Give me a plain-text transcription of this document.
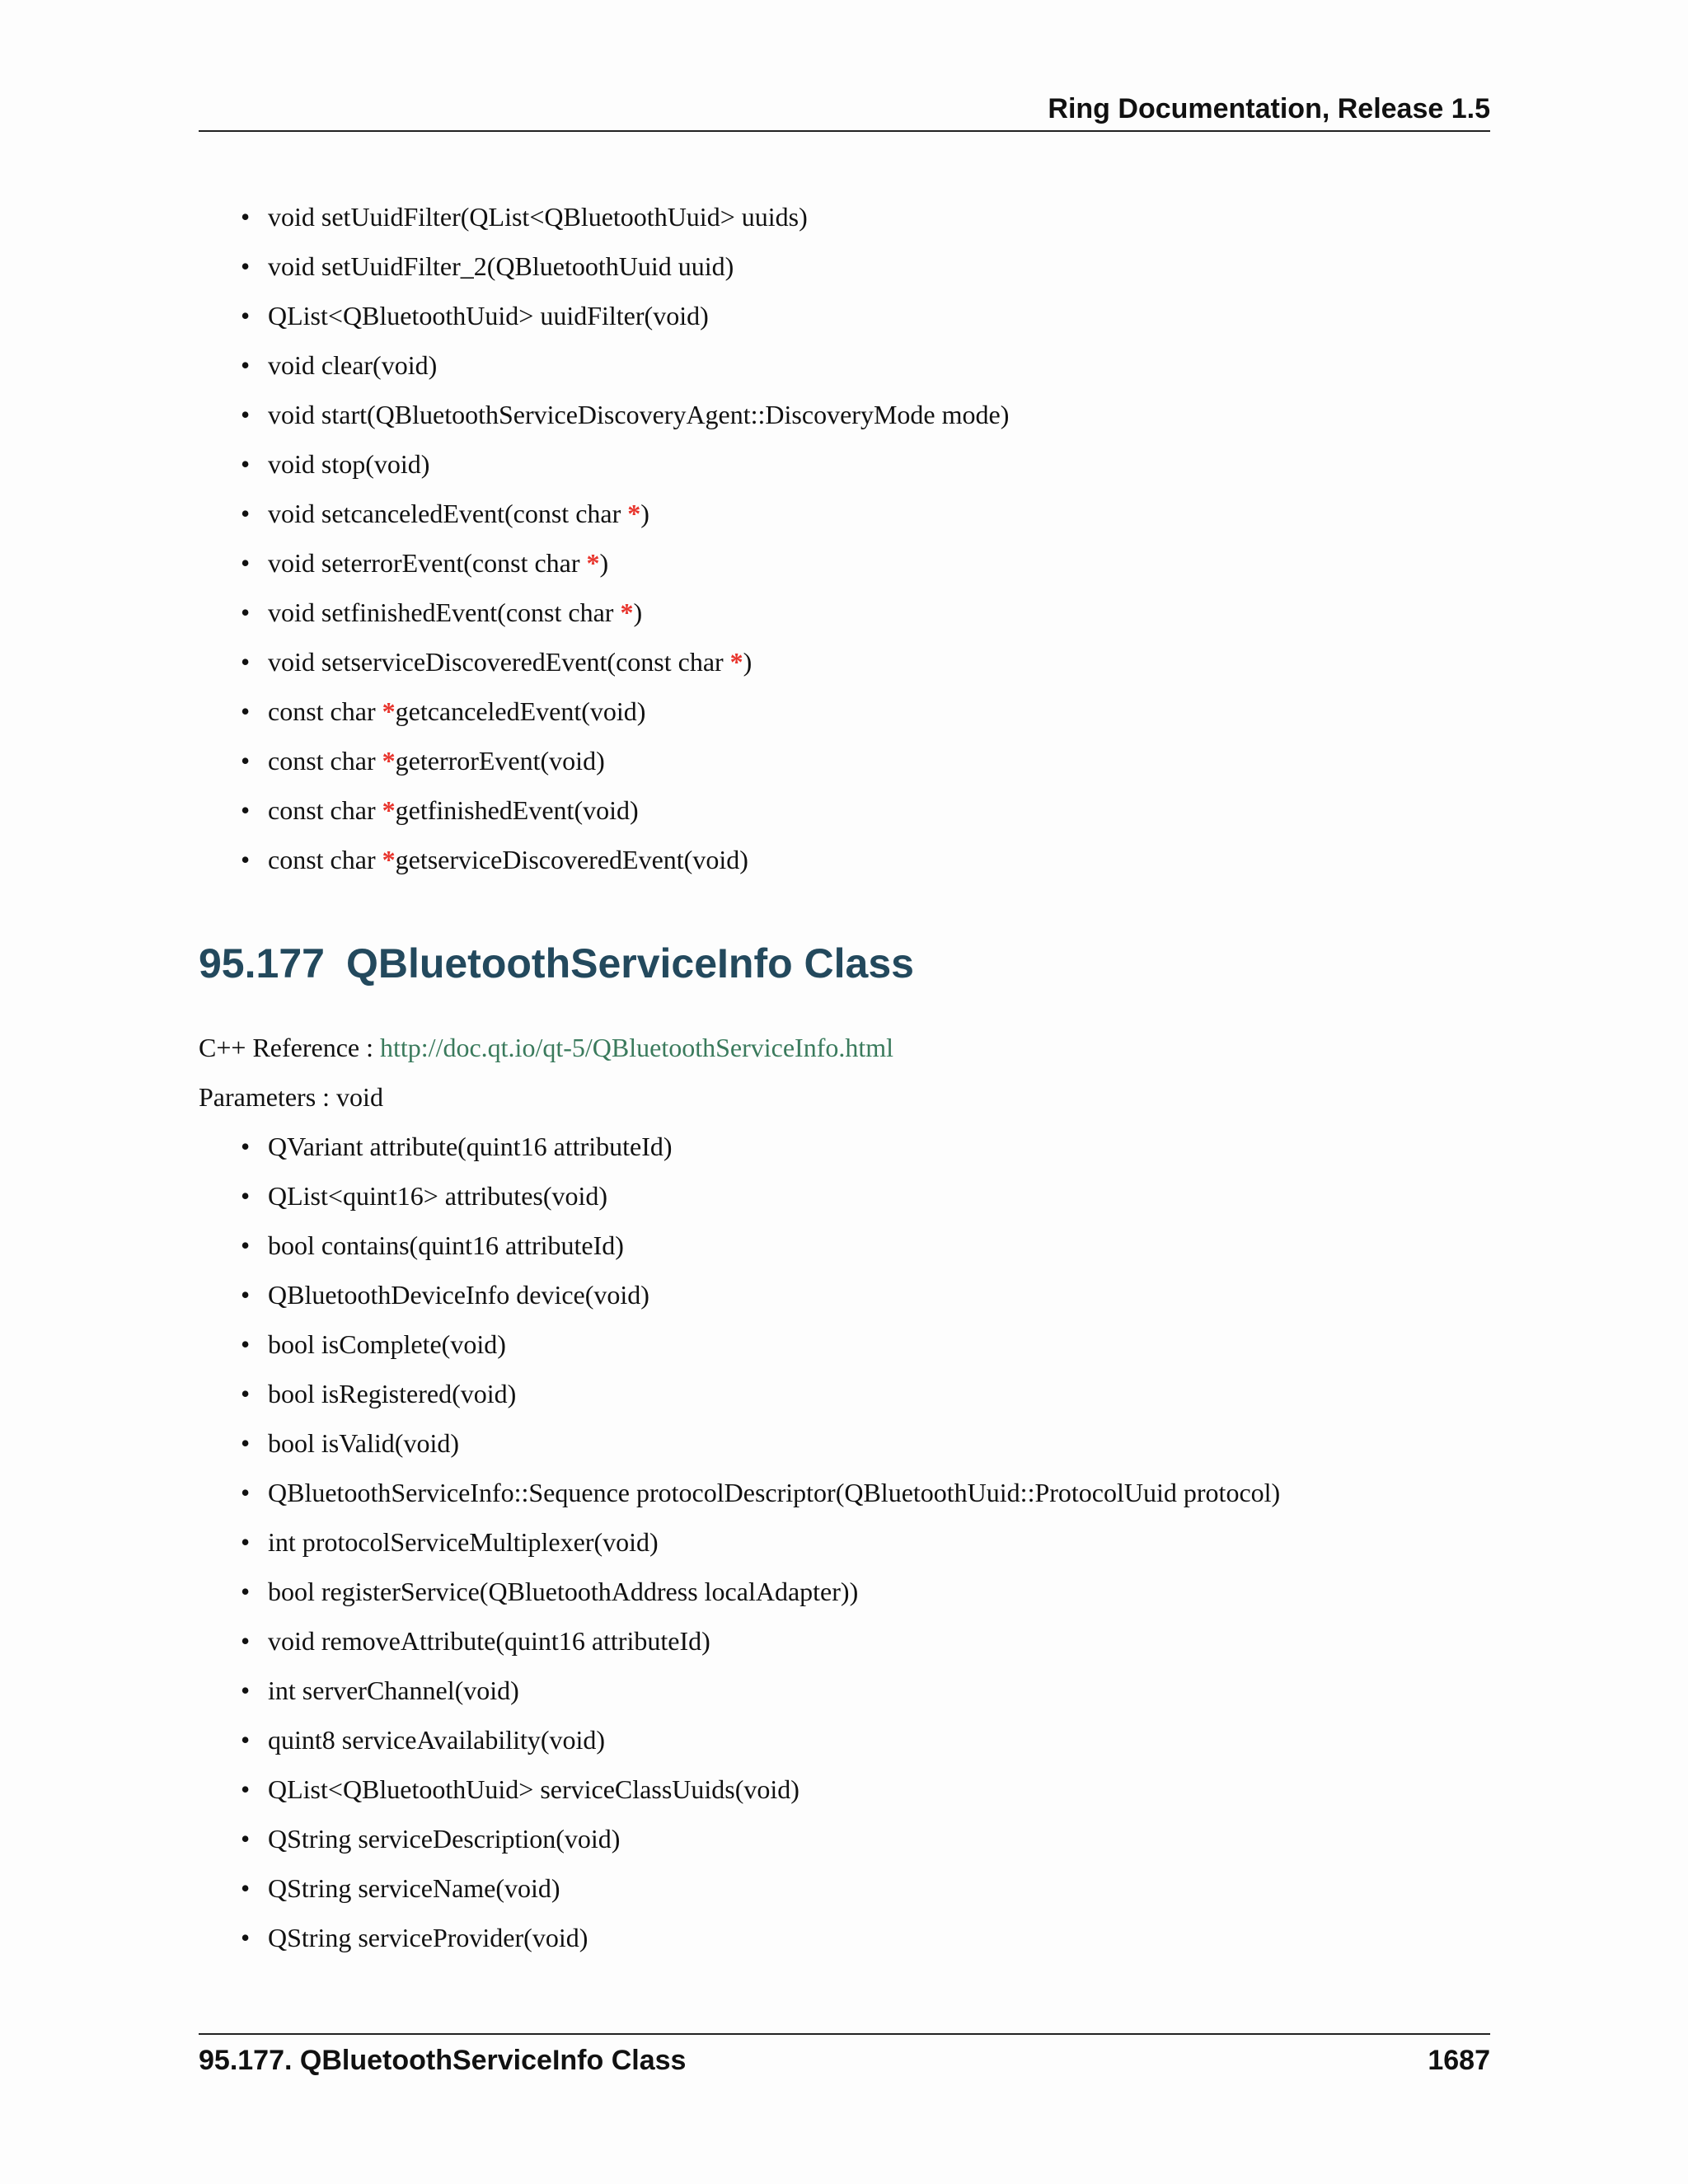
Ring Documentation, Release 1.5
• void setUuidFilter(QList<QBluetoothUuid> uuids)
• void setUuidFilter_2(QBluetoothUuid uuid)
• QList<QBluetoothUuid> uuidFilter(void)
• void clear(void)
• void start(QBluetoothServiceDiscoveryAgent::DiscoveryMode mode)
• void stop(void)
• void setcanceledEvent(const char *)
• void seterrorEvent(const char *)
• void setfinishedEvent(const char *)
• void setserviceDiscoveredEvent(const char *)
• const char *getcanceledEvent(void)
• const char *geterrorEvent(void)
• const char *getfinishedEvent(void)
• const char *getserviceDiscoveredEvent(void)
95.177 QBluetoothServiceInfo Class
C++ Reference : http://doc.qt.io/qt-5/QBluetoothServiceInfo.html
Parameters : void
• QVariant attribute(quint16 attributeId)
• QList<quint16> attributes(void)
• bool contains(quint16 attributeId)
• QBluetoothDeviceInfo device(void)
• bool isComplete(void)
• bool isRegistered(void)
• bool isValid(void)
• QBluetoothServiceInfo::Sequence protocolDescriptor(QBluetoothUuid::ProtocolUuid protocol)
• int protocolServiceMultiplexer(void)
• bool registerService(QBluetoothAddress localAdapter))
• void removeAttribute(quint16 attributeId)
• int serverChannel(void)
• quint8 serviceAvailability(void)
• QList<QBluetoothUuid> serviceClassUuids(void)
• QString serviceDescription(void)
• QString serviceName(void)
• QString serviceProvider(void)
95.177. QBluetoothServiceInfo Class	1687
